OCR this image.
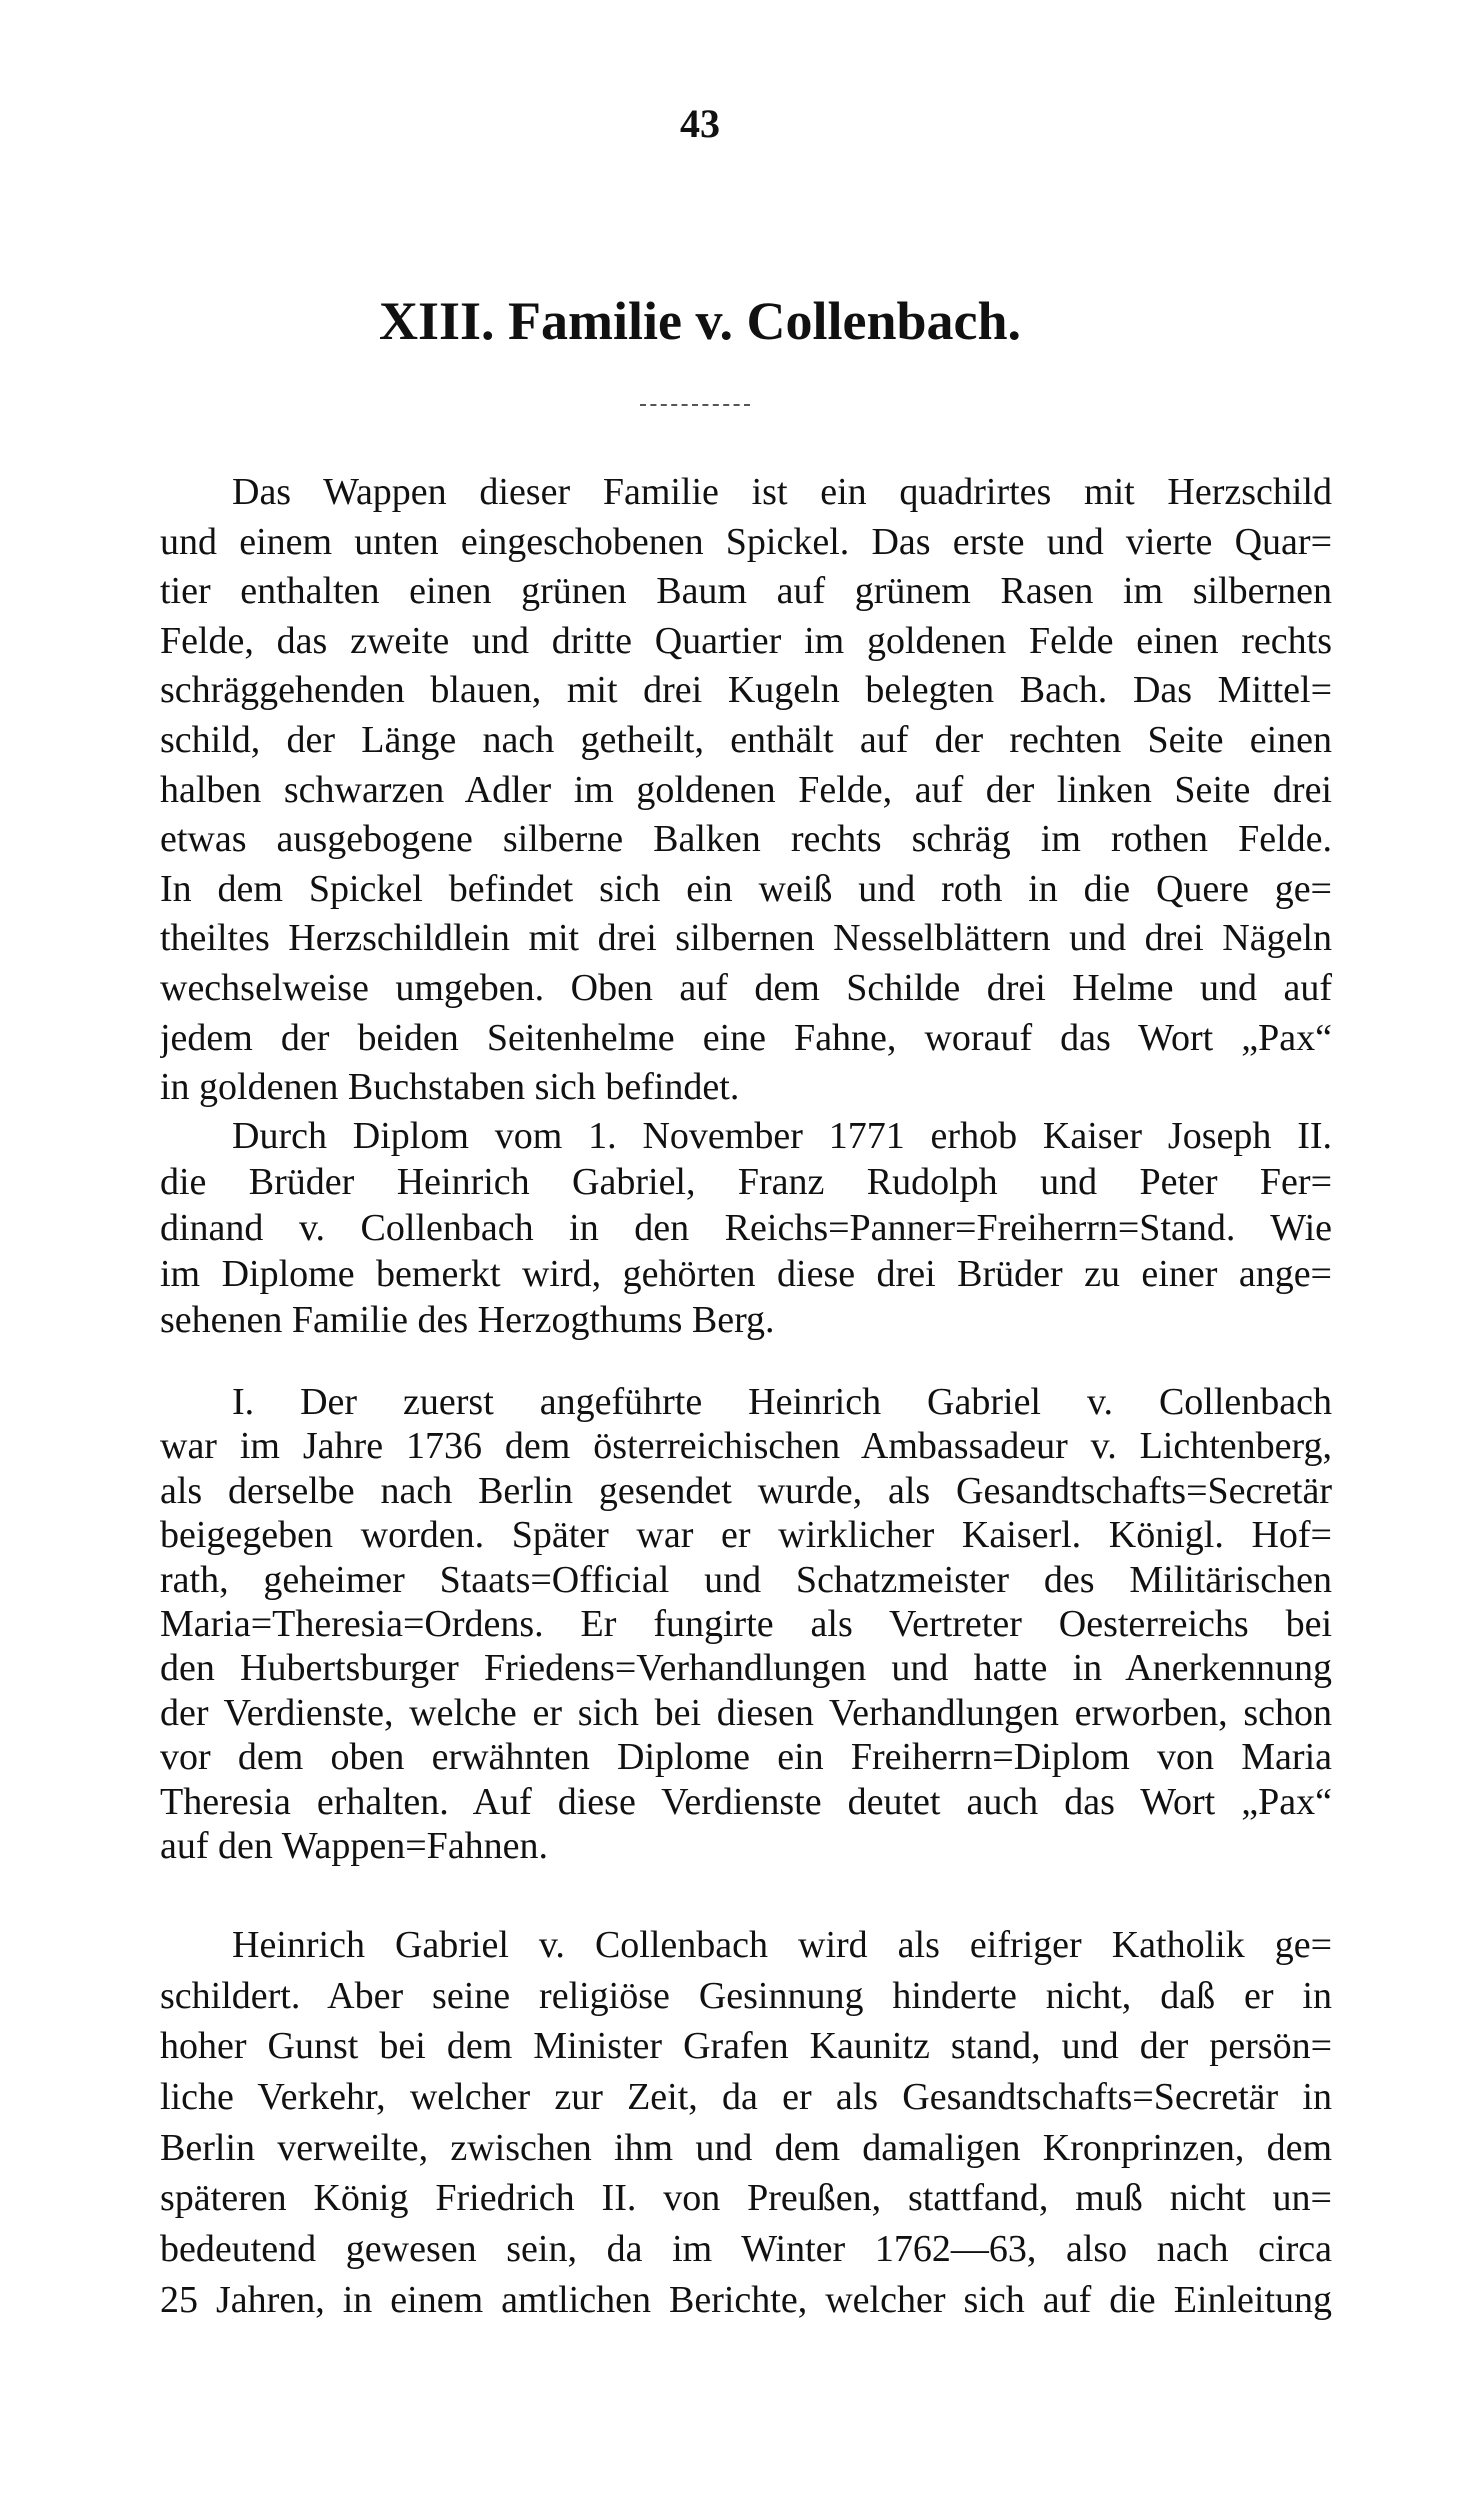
43
XIII. Familie v. Collenbach.
Das Wappen dieser Familie ist ein quadrirtes mit Herzschild
und einem unten eingeschobenen Spickel. Das erste und vierte Quar=
tier enthalten einen grünen Baum auf grünem Rasen im silbernen
Felde, das zweite und dritte Quartier im goldenen Felde einen rechts
schräggehenden blauen, mit drei Kugeln belegten Bach. Das Mittel=
schild, der Länge nach getheilt, enthält auf der rechten Seite einen
halben schwarzen Adler im goldenen Felde, auf der linken Seite drei
etwas ausgebogene silberne Balken rechts schräg im rothen Felde.
In dem Spickel befindet sich ein weiß und roth in die Quere ge=
theiltes Herzschildlein mit drei silbernen Nesselblättern und drei Nägeln
wechselweise umgeben. Oben auf dem Schilde drei Helme und auf
jedem der beiden Seitenhelme eine Fahne, worauf das Wort „Pax“
in goldenen Buchstaben sich befindet.
Durch Diplom vom 1. November 1771 erhob Kaiser Joseph II.
die Brüder Heinrich Gabriel, Franz Rudolph und Peter Fer=
dinand v. Collenbach in den Reichs=Panner=Freiherrn=Stand. Wie
im Diplome bemerkt wird, gehörten diese drei Brüder zu einer ange=
sehenen Familie des Herzogthums Berg.
I. Der zuerst angeführte Heinrich Gabriel v. Collenbach
war im Jahre 1736 dem österreichischen Ambassadeur v. Lichtenberg,
als derselbe nach Berlin gesendet wurde, als Gesandtschafts=Secretär
beigegeben worden. Später war er wirklicher Kaiserl. Königl. Hof=
rath, geheimer Staats=Official und Schatzmeister des Militärischen
Maria=Theresia=Ordens. Er fungirte als Vertreter Oesterreichs bei
den Hubertsburger Friedens=Verhandlungen und hatte in Anerkennung
der Verdienste, welche er sich bei diesen Verhandlungen erworben, schon
vor dem oben erwähnten Diplome ein Freiherrn=Diplom von Maria
Theresia erhalten. Auf diese Verdienste deutet auch das Wort „Pax“
auf den Wappen=Fahnen.
Heinrich Gabriel v. Collenbach wird als eifriger Katholik ge=
schildert. Aber seine religiöse Gesinnung hinderte nicht, daß er in
hoher Gunst bei dem Minister Grafen Kaunitz stand, und der persön=
liche Verkehr, welcher zur Zeit, da er als Gesandtschafts=Secretär in
Berlin verweilte, zwischen ihm und dem damaligen Kronprinzen, dem
späteren König Friedrich II. von Preußen, stattfand, muß nicht un=
bedeutend gewesen sein, da im Winter 1762—63, also nach circa
25 Jahren, in einem amtlichen Berichte, welcher sich auf die Einleitung
